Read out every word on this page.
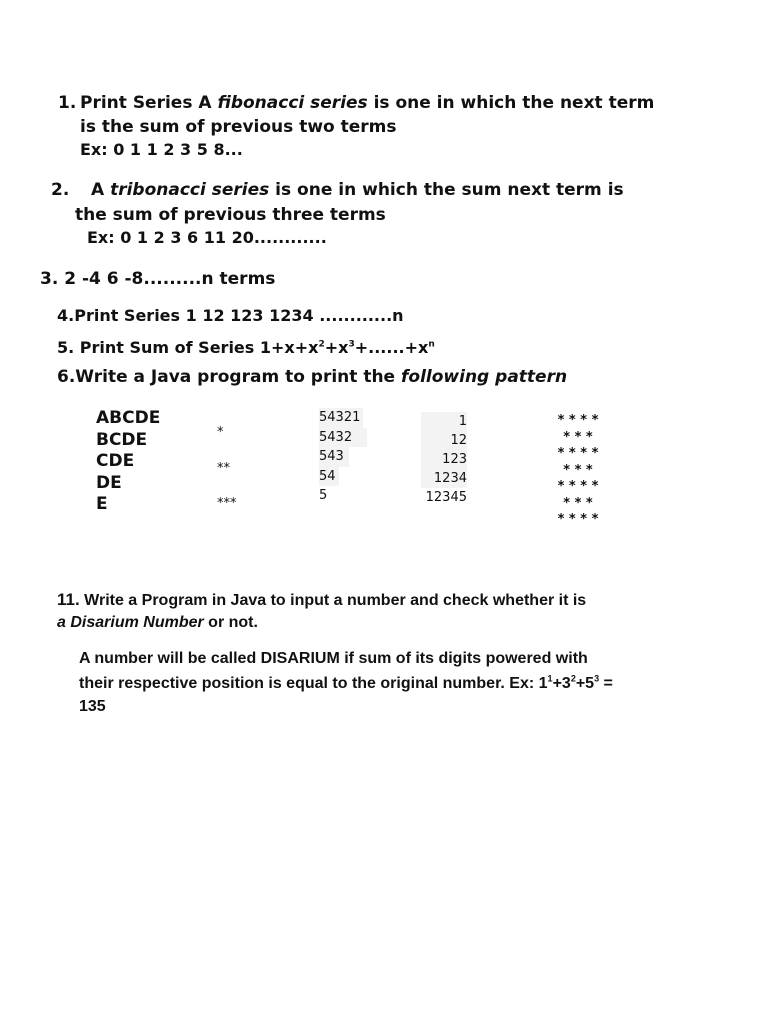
1. Print Series A fibonacci series is one in which the next term
is the sum of previous two terms
Ex: 0 1 1 2 3 5 8...
2. A tribonacci series is one in which the sum next term is
the sum of previous three terms
Ex: 0 1 2 3 6 11 20............
3. 2 -4 6 -8.........n terms
4.Print Series 1 12 123 1234 ............n
5. Print Sum of Series $1+x+x^2+x^3+......+x^n$
6.Write a Java program to print the following pattern
ABCDE
BCDE
CDE
DE
E
*
**
***
54321
5432
543
54
5
1
12
123
1234
12345
* * * *
* * *
* * * *
* * *
* * * *
* * *
* * * *
11. Write a Program in Java to input a number and check whether it is
a Disarium Number or not.
A number will be called DISARIUM if sum of its digits powered with
their respective position is equal to the original number. Ex: $1^1+3^2+5^3$ =
135
